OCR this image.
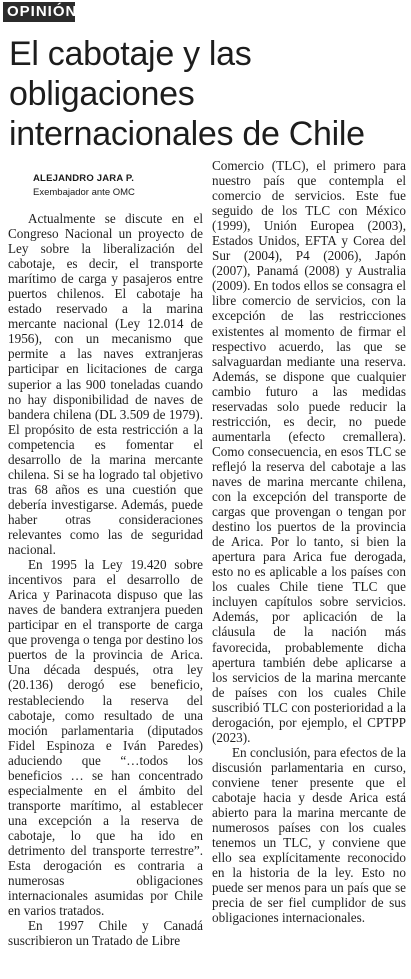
OPINIÓN
El cabotaje y las obligaciones internacionales de Chile
ALEJANDRO JARA P.
Exembajador ante OMC

Actualmente se discute en el Congreso Nacional un proyecto de Ley sobre la liberalización del cabotaje, es decir, el transporte marítimo de carga y pasajeros entre puertos chilenos. El cabotaje ha estado reservado a la marina mercante nacional (Ley 12.014 de 1956), con un mecanismo que permite a las naves extranjeras participar en licitaciones de carga superior a las 900 toneladas cuando no hay disponibilidad de naves de bandera chilena (DL 3.509 de 1979). El propósito de esta restricción a la competencia es fomentar el desarrollo de la marina mercante chilena. Si se ha logrado tal objetivo tras 68 años es una cuestión que debería investigarse. Además, puede haber otras consideraciones relevantes como las de seguridad nacional.

En 1995 la Ley 19.420 sobre incentivos para el desarrollo de Arica y Parinacota dispuso que las naves de bandera extranjera pueden participar en el transporte de carga que provenga o tenga por destino los puertos de la provincia de Arica. Una década después, otra ley (20.136) derogó ese beneficio, restableciendo la reserva del cabotaje, como resultado de una moción parlamentaria (diputados Fidel Espinoza e Iván Paredes) aduciendo que “…todos los beneficios … se han concentrado especialmente en el ámbito del transporte marítimo, al establecer una excepción a la reserva de cabotaje, lo que ha ido en detrimento del transporte terrestre”. Esta derogación es contraria a numerosas obligaciones internacionales asumidas por Chile en varios tratados.

En 1997 Chile y Canadá suscribieron un Tratado de Libre

Comercio (TLC), el primero para nuestro país que contempla el comercio de servicios. Este fue seguido de los TLC con México (1999), Unión Europea (2003), Estados Unidos, EFTA y Corea del Sur (2004), P4 (2006), Japón (2007), Panamá (2008) y Australia (2009). En todos ellos se consagra el libre comercio de servicios, con la excepción de las restricciones existentes al momento de firmar el respectivo acuerdo, las que se salvaguardan mediante una reserva. Además, se dispone que cualquier cambio futuro a las medidas reservadas solo puede reducir la restricción, es decir, no puede aumentarla (efecto cremallera). Como consecuencia, en esos TLC se reflejó la reserva del cabotaje a las naves de marina mercante chilena, con la excepción del transporte de cargas que provengan o tengan por destino los puertos de la provincia de Arica. Por lo tanto, si bien la apertura para Arica fue derogada, esto no es aplicable a los países con los cuales Chile tiene TLC que incluyen capítulos sobre servicios. Además, por aplicación de la cláusula de la nación más favorecida, probablemente dicha apertura también debe aplicarse a los servicios de la marina mercante de países con los cuales Chile suscribió TLC con posterioridad a la derogación, por ejemplo, el CPTPP (2023).

En conclusión, para efectos de la discusión parlamentaria en curso, conviene tener presente que el cabotaje hacia y desde Arica está abierto para la marina mercante de numerosos países con los cuales tenemos un TLC, y conviene que ello sea explícitamente reconocido en la historia de la ley. Esto no puede ser menos para un país que se precia de ser fiel cumplidor de sus obligaciones internacionales.
